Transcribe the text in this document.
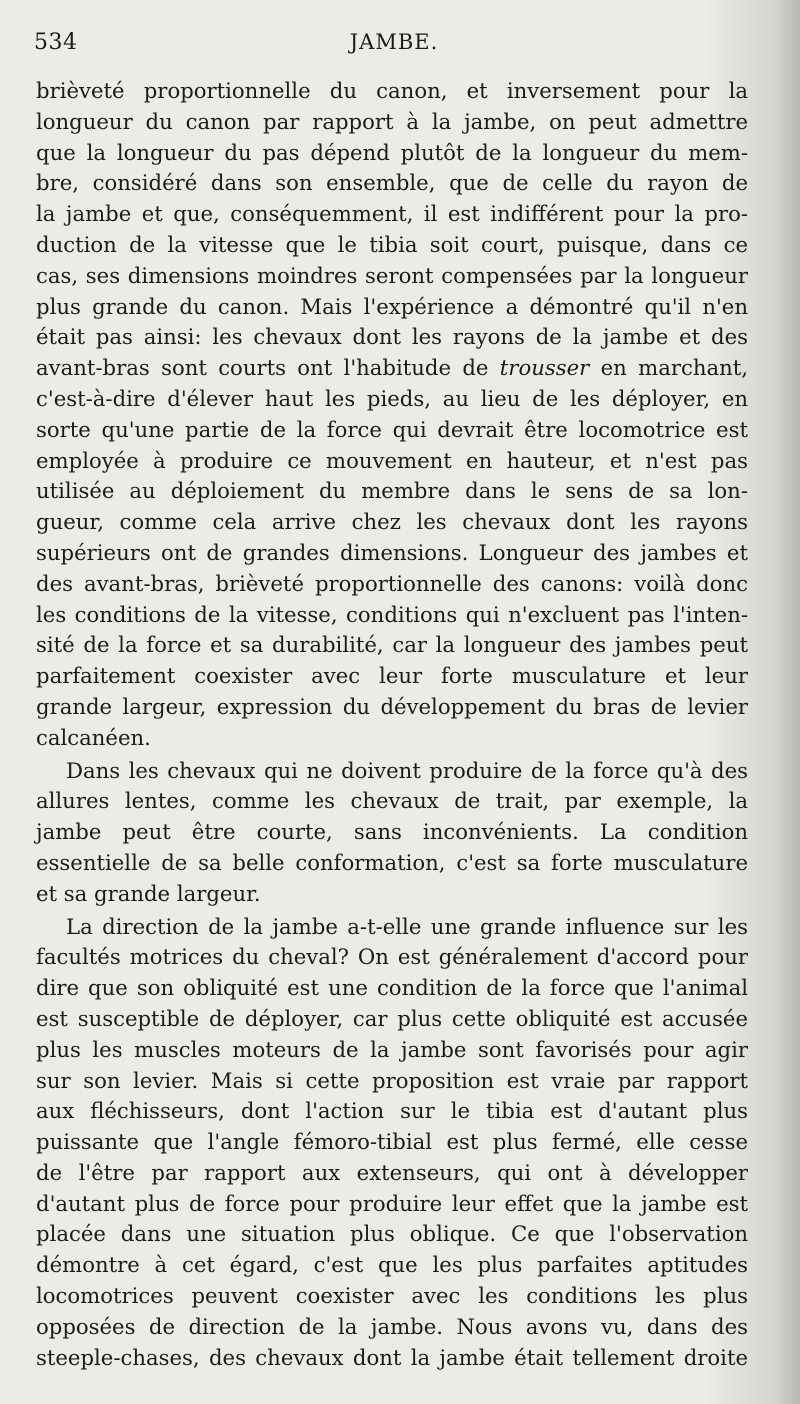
534	JAMBE.
brièveté proportionnelle du canon, et inversement pour la
longueur du canon par rapport à la jambe, on peut admettre
que la longueur du pas dépend plutôt de la longueur du mem-
bre, considéré dans son ensemble, que de celle du rayon de
la jambe et que, conséquemment, il est indifférent pour la pro-
duction de la vitesse que le tibia soit court, puisque, dans ce
cas, ses dimensions moindres seront compensées par la longueur
plus grande du canon. Mais l'expérience a démontré qu'il n'en
était pas ainsi: les chevaux dont les rayons de la jambe et des
avant-bras sont courts ont l'habitude de trousser en marchant,
c'est-à-dire d'élever haut les pieds, au lieu de les déployer, en
sorte qu'une partie de la force qui devrait être locomotrice est
employée à produire ce mouvement en hauteur, et n'est pas
utilisée au déploiement du membre dans le sens de sa lon-
gueur, comme cela arrive chez les chevaux dont les rayons
supérieurs ont de grandes dimensions. Longueur des jambes et
des avant-bras, brièveté proportionnelle des canons: voilà donc
les conditions de la vitesse, conditions qui n'excluent pas l'inten-
sité de la force et sa durabilité, car la longueur des jambes peut
parfaitement coexister avec leur forte musculature et leur
grande largeur, expression du développement du bras de levier
calcanéen.
Dans les chevaux qui ne doivent produire de la force qu'à des
allures lentes, comme les chevaux de trait, par exemple, la
jambe peut être courte, sans inconvénients. La condition
essentielle de sa belle conformation, c'est sa forte musculature
et sa grande largeur.
La direction de la jambe a-t-elle une grande influence sur les
facultés motrices du cheval? On est généralement d'accord pour
dire que son obliquité est une condition de la force que l'animal
est susceptible de déployer, car plus cette obliquité est accusée
plus les muscles moteurs de la jambe sont favorisés pour agir
sur son levier. Mais si cette proposition est vraie par rapport
aux fléchisseurs, dont l'action sur le tibia est d'autant plus
puissante que l'angle fémoro-tibial est plus fermé, elle cesse
de l'être par rapport aux extenseurs, qui ont à développer
d'autant plus de force pour produire leur effet que la jambe est
placée dans une situation plus oblique. Ce que l'observation
démontre à cet égard, c'est que les plus parfaites aptitudes
locomotrices peuvent coexister avec les conditions les plus
opposées de direction de la jambe. Nous avons vu, dans des
steeple-chases, des chevaux dont la jambe était tellement droite
